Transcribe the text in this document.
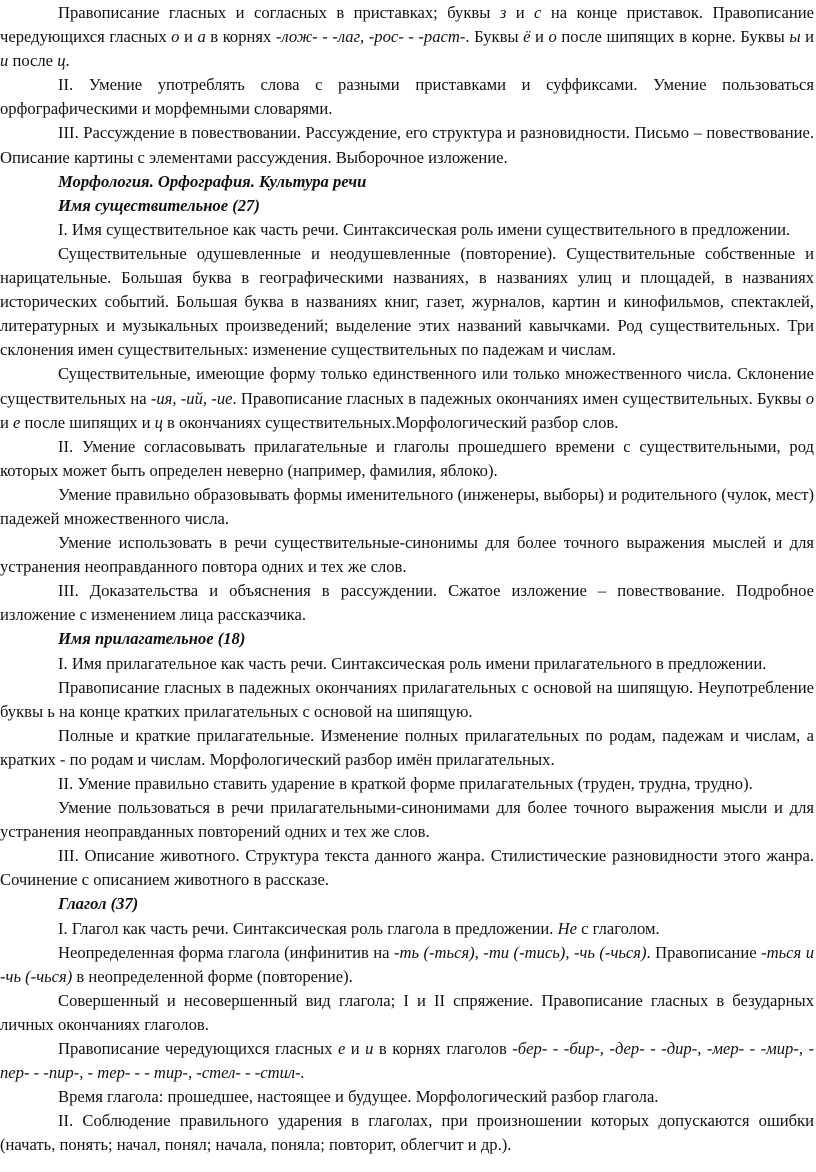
Правописание гласных и согласных в приставках; буквы з и с на конце приставок. Правописание чередующихся гласных о и а в корнях -лож- - -лаг, -рос- - -раст-. Буквы ё и о после шипящих в корне. Буквы ы и и после ц.

II. Умение употреблять слова с разными приставками и суффиксами. Умение пользоваться орфографическими и морфемными словарями.

III. Рассуждение в повествовании. Рассуждение, его структура и разновидности. Письмо – повествование. Описание картины с элементами рассуждения. Выборочное изложение.

Морфология. Орфография. Культура речи
Имя существительное (27)

I. Имя существительное как часть речи. Синтаксическая роль имени существительного в предложении.

Существительные одушевленные и неодушевленные (повторение). Существительные собственные и нарицательные. Большая буква в географическими названиях, в названиях улиц и площадей, в названиях исторических событий. Большая буква в названиях книг, газет, журналов, картин и кинофильмов, спектаклей, литературных и музыкальных произведений; выделение этих названий кавычками. Род существительных. Три склонения имен существительных: изменение существительных по падежам и числам.

Существительные, имеющие форму только единственного или только множественного числа. Склонение существительных на -ия, -ий, -ие. Правописание гласных в падежных окончаниях имен существительных. Буквы о и е после шипящих и ц в окончаниях существительных.Морфологический разбор слов.

II. Умение согласовывать прилагательные и глаголы прошедшего времени с существительными, род которых может быть определен неверно (например, фамилия, яблоко).

Умение правильно образовывать формы именительного (инженеры, выборы) и родительного (чулок, мест) падежей множественного числа.

Умение использовать в речи существительные-синонимы для более точного выражения мыслей и для устранения неоправданного повтора одних и тех же слов.

III. Доказательства и объяснения в рассуждении. Сжатое изложение – повествование. Подробное изложение с изменением лица рассказчика.

Имя прилагательное (18)

I. Имя прилагательное как часть речи. Синтаксическая роль имени прилагательного в предложении.

Правописание гласных в падежных окончаниях прилагательных с основой на шипящую. Неупотребление буквы ь на конце кратких прилагательных с основой на шипящую.

Полные и краткие прилагательные. Изменение полных прилагательных по родам, падежам и числам, а кратких - по родам и числам. Морфологический разбор имён прилагательных.

II. Умение правильно ставить ударение в краткой форме прилагательных (труден, трудна, трудно).

Умение пользоваться в речи прилагательными-синонимами для более точного выражения мысли и для устранения неоправданных повторений одних и тех же слов.

III. Описание животного. Структура текста данного жанра. Стилистические разновидности этого жанра. Сочинение с описанием животного в рассказе.

Глагол (37)

I. Глагол как часть речи. Синтаксическая роль глагола в предложении. Не с глаголом.

Неопределенная форма глагола (инфинитив на -ть (-ться), -ти (-тись), -чь (-чься). Правописание -ться и -чь (-чься) в неопределенной форме (повторение).

Совершенный и несовершенный вид глагола; I и II спряжение. Правописание гласных в безударных личных окончаниях глаголов.

Правописание чередующихся гласных е и и в корнях глаголов -бер- - -бир-, -дер- - -дир-, -мер- - -мир-, - пер- - -пир-, - тер- - - тир-, -стел- - -стил-.

Время глагола: прошедшее, настоящее и будущее. Морфологический разбор глагола.

II. Соблюдение правильного ударения в глаголах, при произношении которых допускаются ошибки (начать, понять; начал, понял; начала, поняла; повторит, облегчит и др.).
